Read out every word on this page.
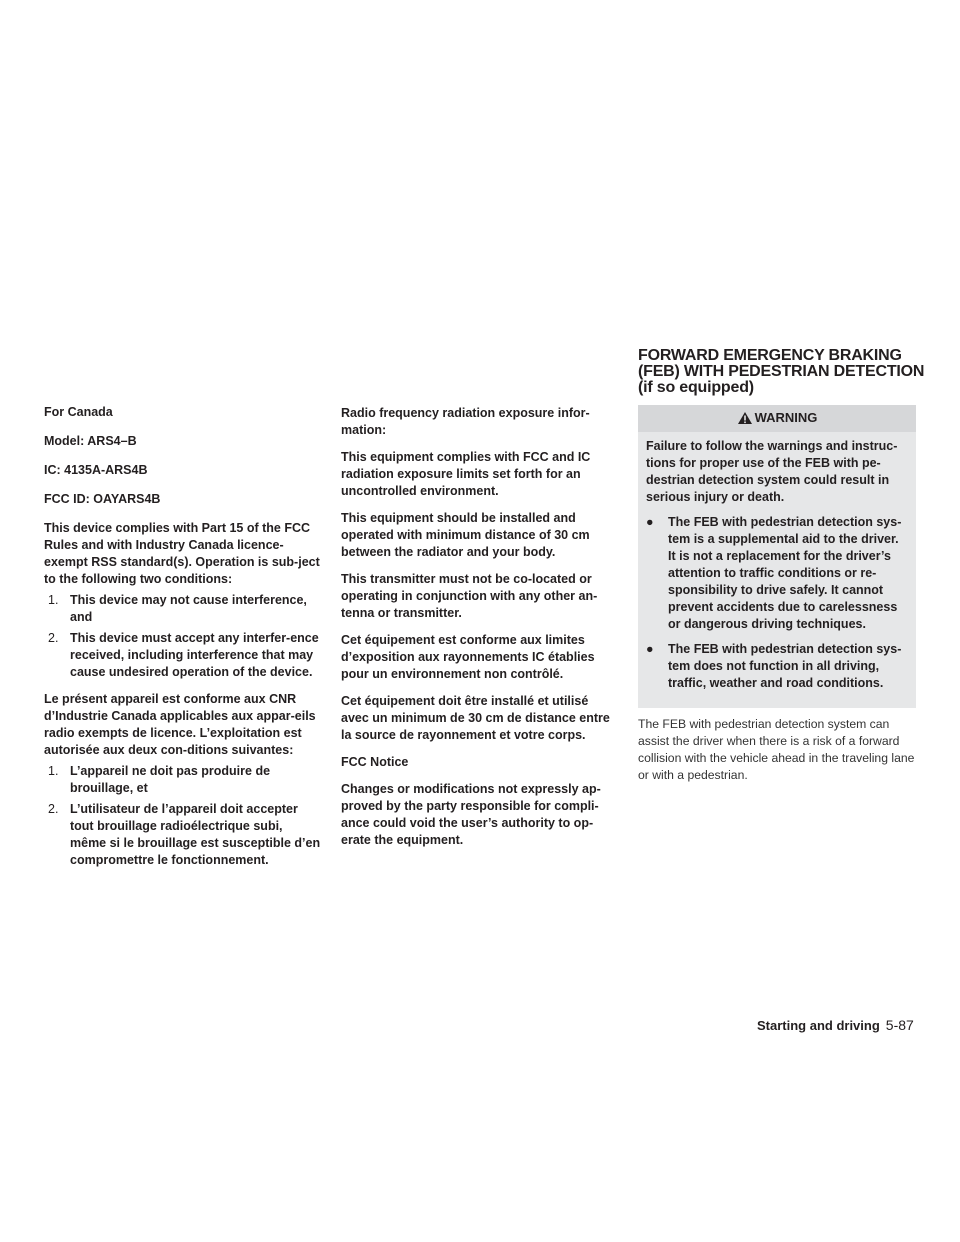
For Canada

Model: ARS4–B

IC: 4135A-ARS4B

FCC ID: OAYARS4B

This device complies with Part 15 of the FCC Rules and with Industry Canada licence-exempt RSS standard(s). Operation is sub-ject to the following two conditions:

1. This device may not cause interference, and
2. This device must accept any interfer-ence received, including interference that may cause undesired operation of the device.

Le présent appareil est conforme aux CNR d’Industrie Canada applicables aux appar-eils radio exempts de licence. L’exploitation est autorisée aux deux con-ditions suivantes:

1. L’appareil ne doit pas produire de brouillage, et
2. L’utilisateur de l’appareil doit accepter tout brouillage radioélectrique subi, même si le brouillage est susceptible d’en compromettre le fonctionnement.

Radio frequency radiation exposure infor-mation:

This equipment complies with FCC and IC radiation exposure limits set forth for an uncontrolled environment.

This equipment should be installed and operated with minimum distance of 30 cm between the radiator and your body.

This transmitter must not be co-located or operating in conjunction with any other an-tenna or transmitter.

Cet équipement est conforme aux limites d’exposition aux rayonnements IC établies pour un environnement non contrôlé.

Cet équipement doit être installé et utilisé avec un minimum de 30 cm de distance entre la source de rayonnement et votre corps.

FCC Notice

Changes or modifications not expressly ap-proved by the party responsible for compli-ance could void the user’s authority to op-erate the equipment.

FORWARD EMERGENCY BRAKING
(FEB) WITH PEDESTRIAN DETECTION
(if so equipped)
WARNING

Failure to follow the warnings and instruc-tions for proper use of the FEB with pe-destrian detection system could result in serious injury or death.

● The FEB with pedestrian detection sys-tem is a supplemental aid to the driver. It is not a replacement for the driver’s attention to traffic conditions or re-sponsibility to drive safely. It cannot prevent accidents due to carelessness or dangerous driving techniques.
● The FEB with pedestrian detection sys-tem does not function in all driving, traffic, weather and road conditions.

The FEB with pedestrian detection system can assist the driver when there is a risk of a forward collision with the vehicle ahead in the traveling lane or with a pedestrian.

Starting and driving 5-87
